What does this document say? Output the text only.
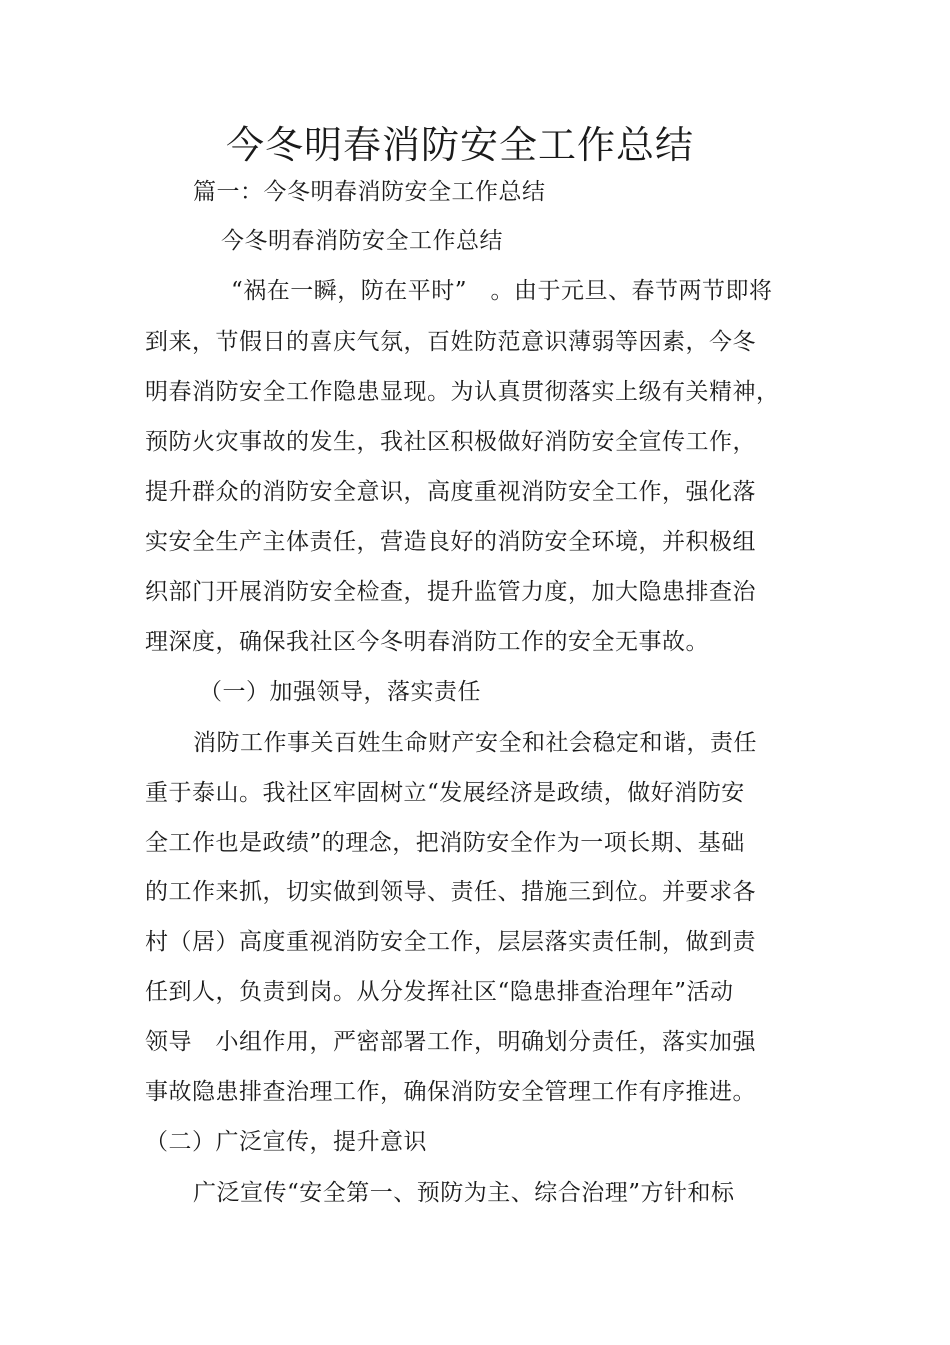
今冬明春消防安全工作总结
篇一：今冬明春消防安全工作总结
今冬明春消防安全工作总结
“祸在一瞬，防在平时”　。由于元旦、春节两节即将
到来，节假日的喜庆气氛，百姓防范意识薄弱等因素，今冬
明春消防安全工作隐患显现。为认真贯彻落实上级有关精神，
预防火灾事故的发生，我社区积极做好消防安全宣传工作，
提升群众的消防安全意识，高度重视消防安全工作，强化落
实安全生产主体责任，营造良好的消防安全环境，并积极组
织部门开展消防安全检查，提升监管力度，加大隐患排查治
理深度，确保我社区今冬明春消防工作的安全无事故。
（一）加强领导，落实责任
消防工作事关百姓生命财产安全和社会稳定和谐，责任
重于泰山。我社区牢固树立“发展经济是政绩，做好消防安
全工作也是政绩”的理念，把消防安全作为一项长期、基础
的工作来抓，切实做到领导、责任、措施三到位。并要求各
村（居）高度重视消防安全工作，层层落实责任制，做到责
任到人，负责到岗。从分发挥社区“隐患排查治理年”活动
领导　小组作用，严密部署工作，明确划分责任，落实加强
事故隐患排查治理工作，确保消防安全管理工作有序推进。
（二）广泛宣传，提升意识
广泛宣传“安全第一、预防为主、综合治理”方针和标
